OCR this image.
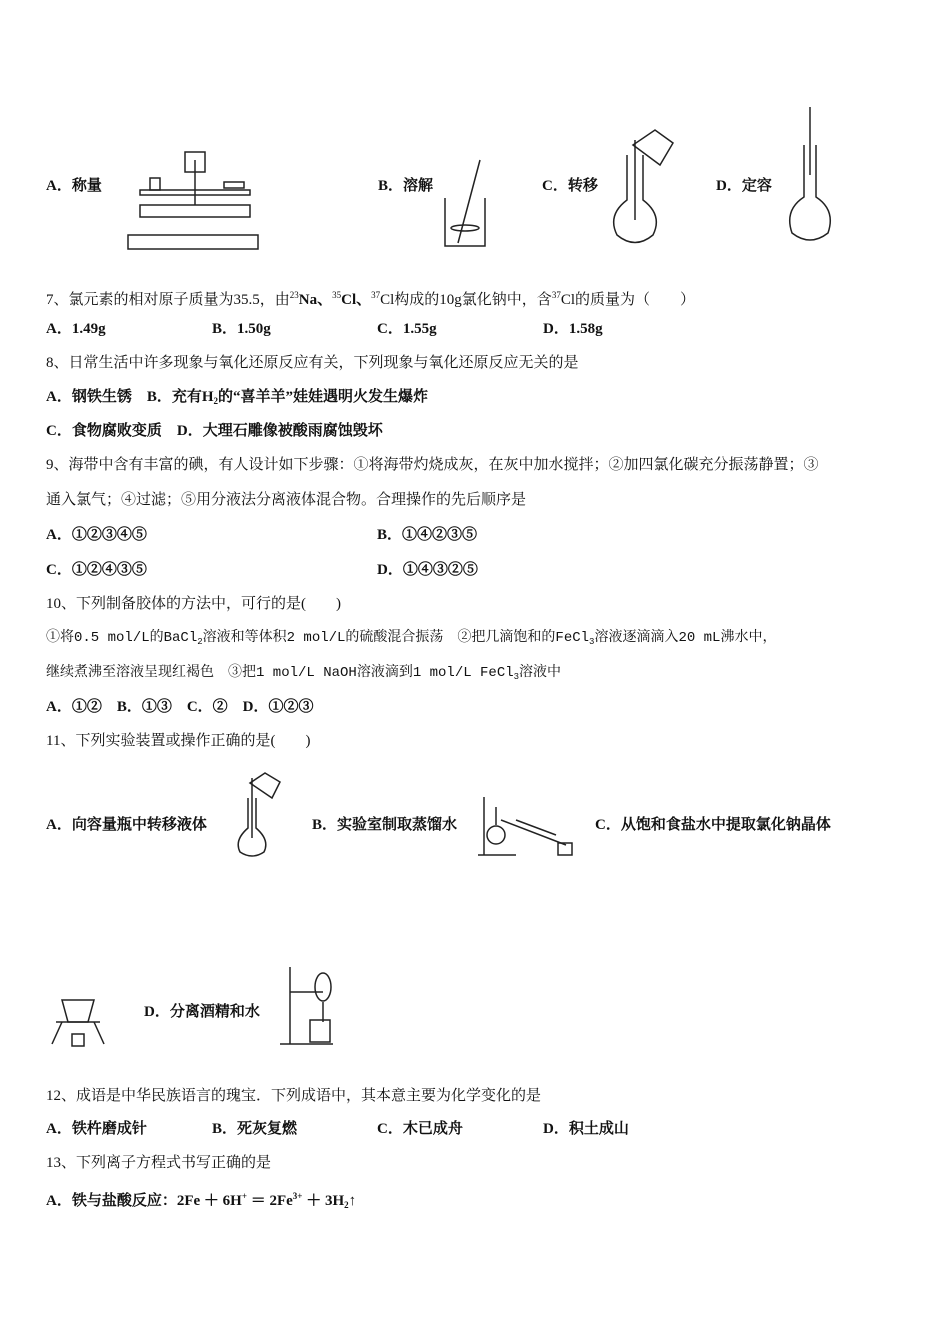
A．称量	B．溶解	C．转移	D．定容
7、氯元素的相对原子质量为35.5，由$^{23}$Na、$^{35}$Cl、$^{37}$Cl构成的10g氯化钠中，含$^{37}$Cl的质量为（　　）
A．1.49g	B．1.50g	C．1.55g	D．1.58g
8、日常生活中许多现象与氧化还原反应有关，下列现象与氧化还原反应无关的是
A．钢铁生锈　 B．充有$H_2$的“喜羊羊”娃娃遇明火发生爆炸
C．食物腐败变质　 D．大理石雕像被酸雨腐蚀毁坏
9、海带中含有丰富的碘，有人设计如下步骤：①将海带灼烧成灰，在灰中加水搅拌；②加四氯化碳充分振荡静置；③
通入氯气；④过滤；⑤用分液法分离液体混合物。合理操作的先后顺序是
A．①②③④⑤	B．①④②③⑤
C．①②④③⑤	D．①④③②⑤
10、下列制备胶体的方法中，可行的是(　　)
①将0.5 mol/L的BaCl$_2$溶液和等体积2 mol/L的硫酸混合振荡　②把几滴饱和的FeCl$_3$溶液逐滴滴入20 mL沸水中，
继续煮沸至溶液呈现红褐色　③把1 mol/L NaOH溶液滴到1 mol/L FeCl$_3$溶液中
A．①②　B．①③　C．②　D．①②③
11、下列实验装置或操作正确的是(　　)
A．向容量瓶中转移液体	B．实验室制取蒸馏水	C．从饱和食盐水中提取氯化钠晶体
D．分离酒精和水
12、成语是中华民族语言的瑰宝．下列成语中，其本意主要为化学变化的是
A．铁杵磨成针	B．死灰复燃	C．木已成舟	D．积土成山
13、下列离子方程式书写正确的是
A．铁与盐酸反应：$2Fe + 6H^+ = 2Fe^{3+}$ ＋ $3H_2↑$
